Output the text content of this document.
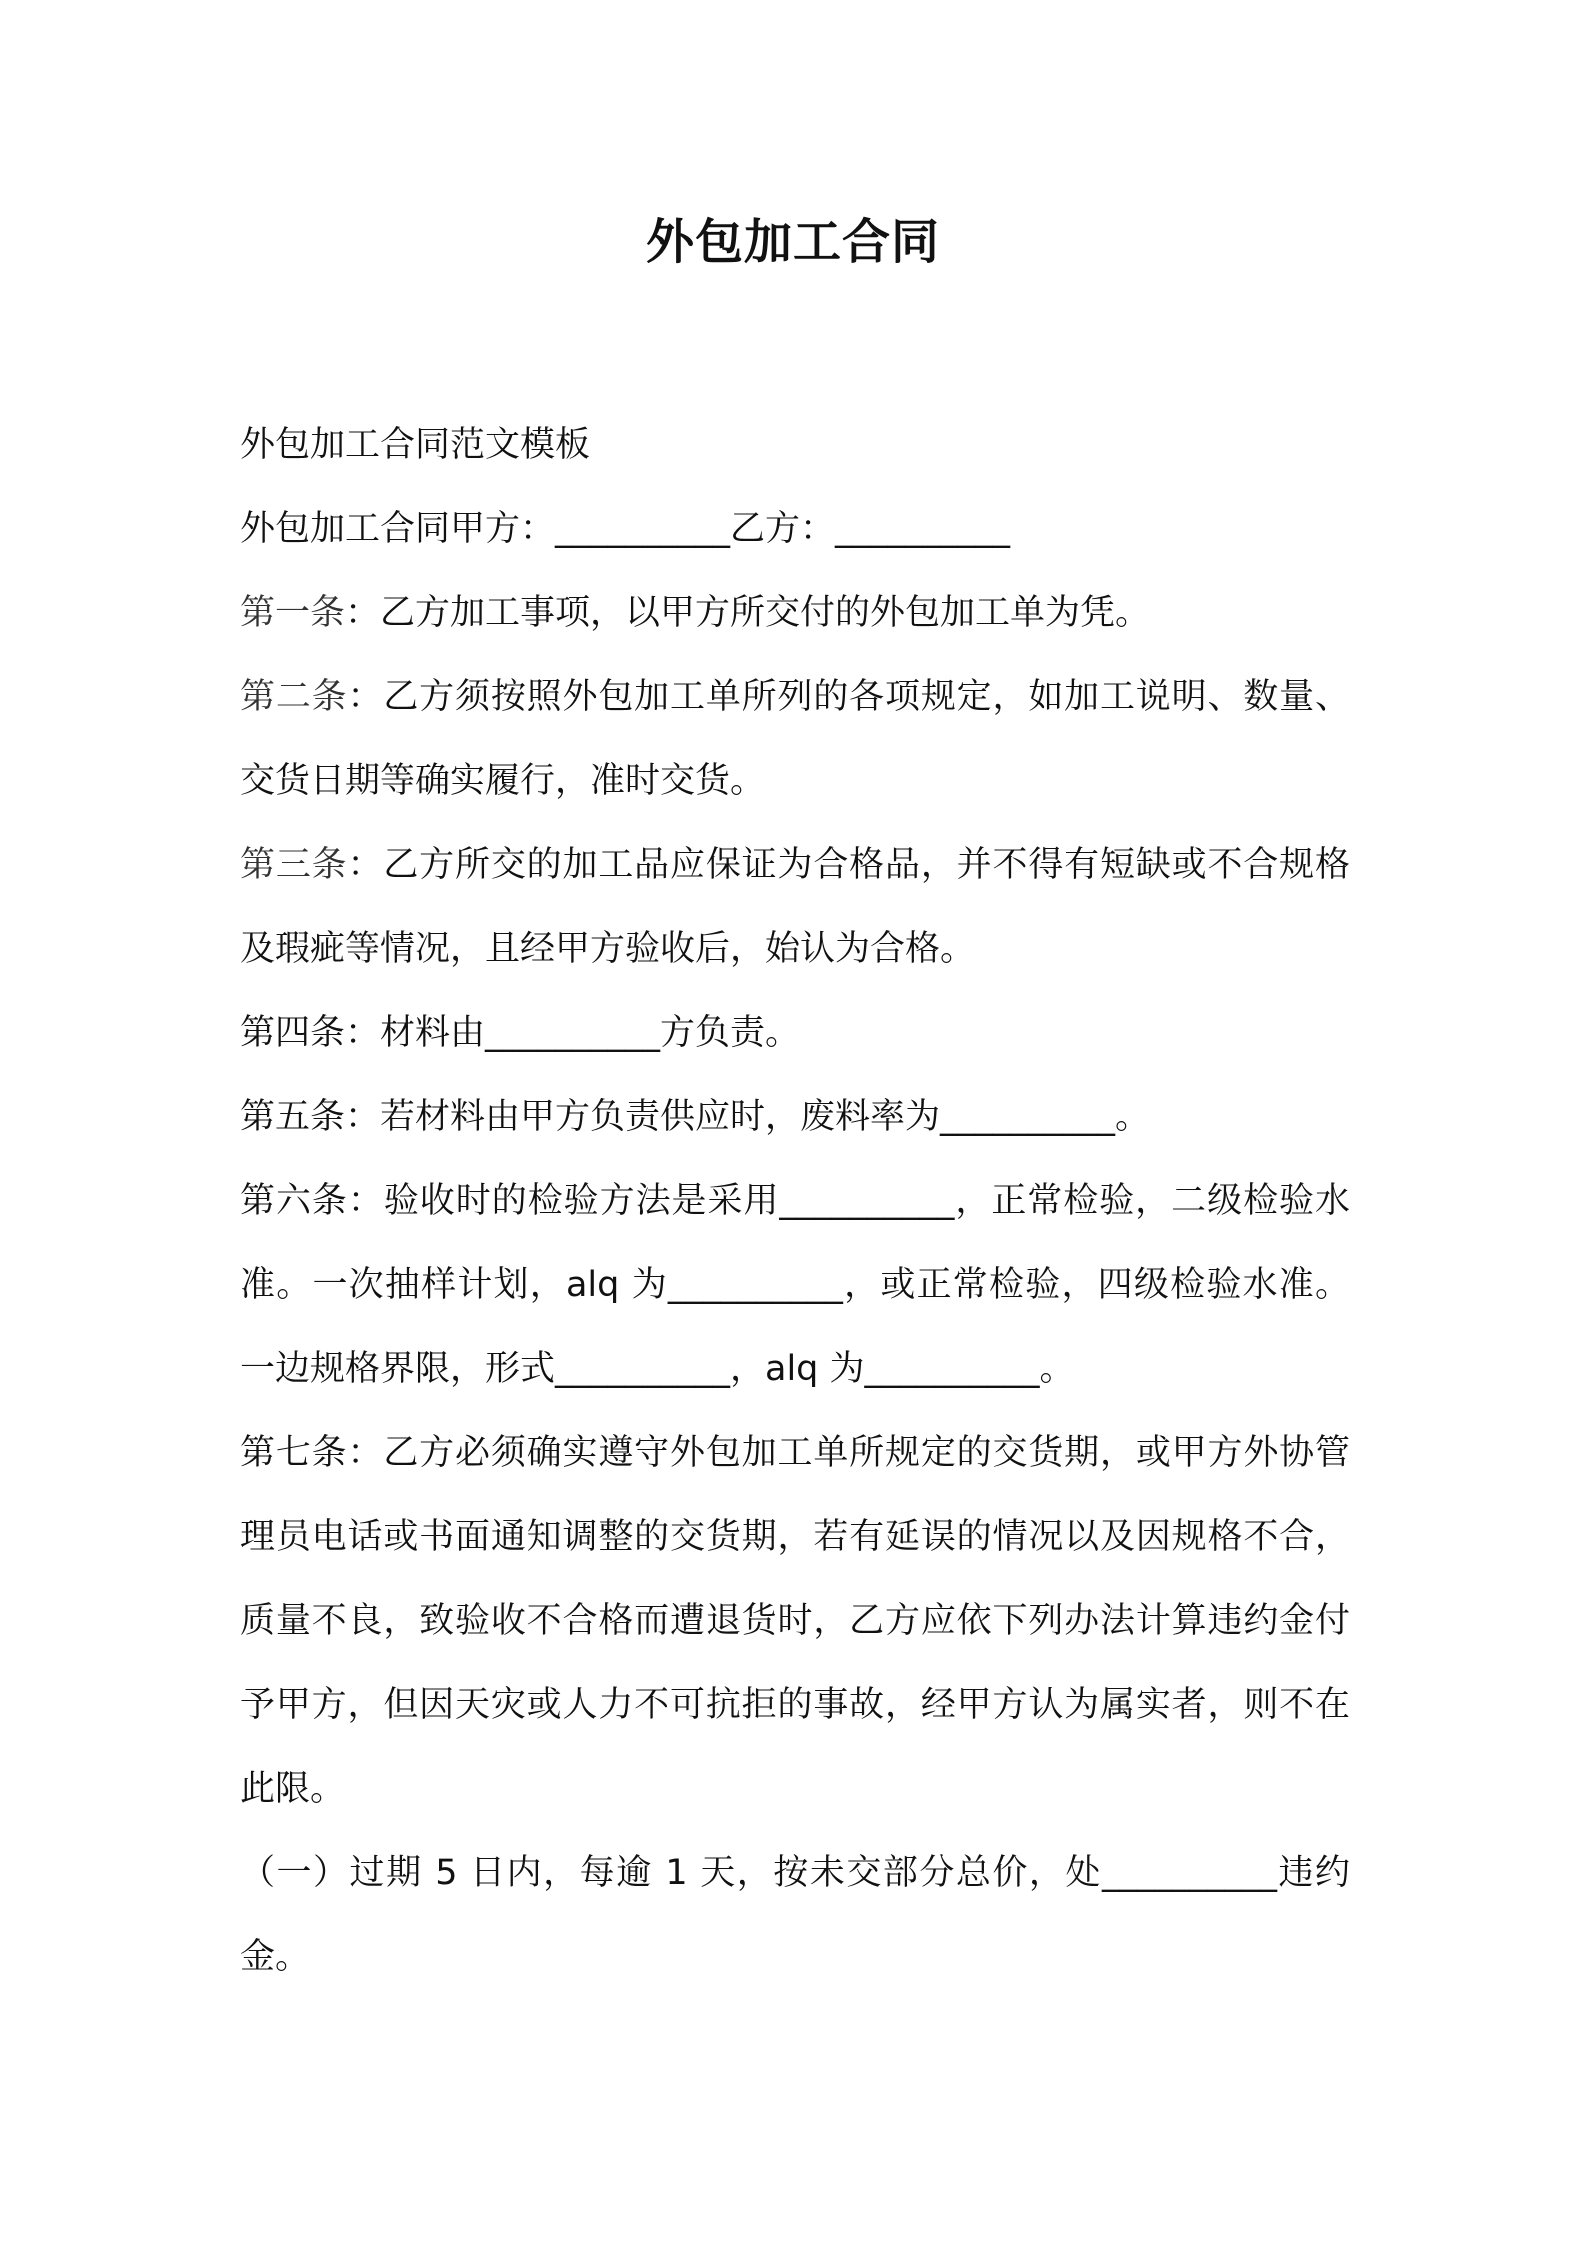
外包加工合同

外包加工合同范文模板

外包加工合同甲方：__________乙方：__________

第一条：乙方加工事项，以甲方所交付的外包加工单为凭。

第二条：乙方须按照外包加工单所列的各项规定，如加工说明、数量、交货日期等确实履行，准时交货。

第三条：乙方所交的加工品应保证为合格品，并不得有短缺或不合规格及瑕疵等情况，且经甲方验收后，始认为合格。

第四条：材料由__________方负责。

第五条：若材料由甲方负责供应时，废料率为__________。

第六条：验收时的检验方法是采用__________，正常检验，二级检验水准。一次抽样计划，alq 为__________，或正常检验，四级检验水准。一边规格界限，形式__________，alq 为__________。

第七条：乙方必须确实遵守外包加工单所规定的交货期，或甲方外协管理员电话或书面通知调整的交货期，若有延误的情况以及因规格不合，质量不良，致验收不合格而遭退货时，乙方应依下列办法计算违约金付予甲方，但因天灾或人力不可抗拒的事故，经甲方认为属实者，则不在此限。

（一）过期 5 日内，每逾 1 天，按未交部分总价，处__________违约金。
